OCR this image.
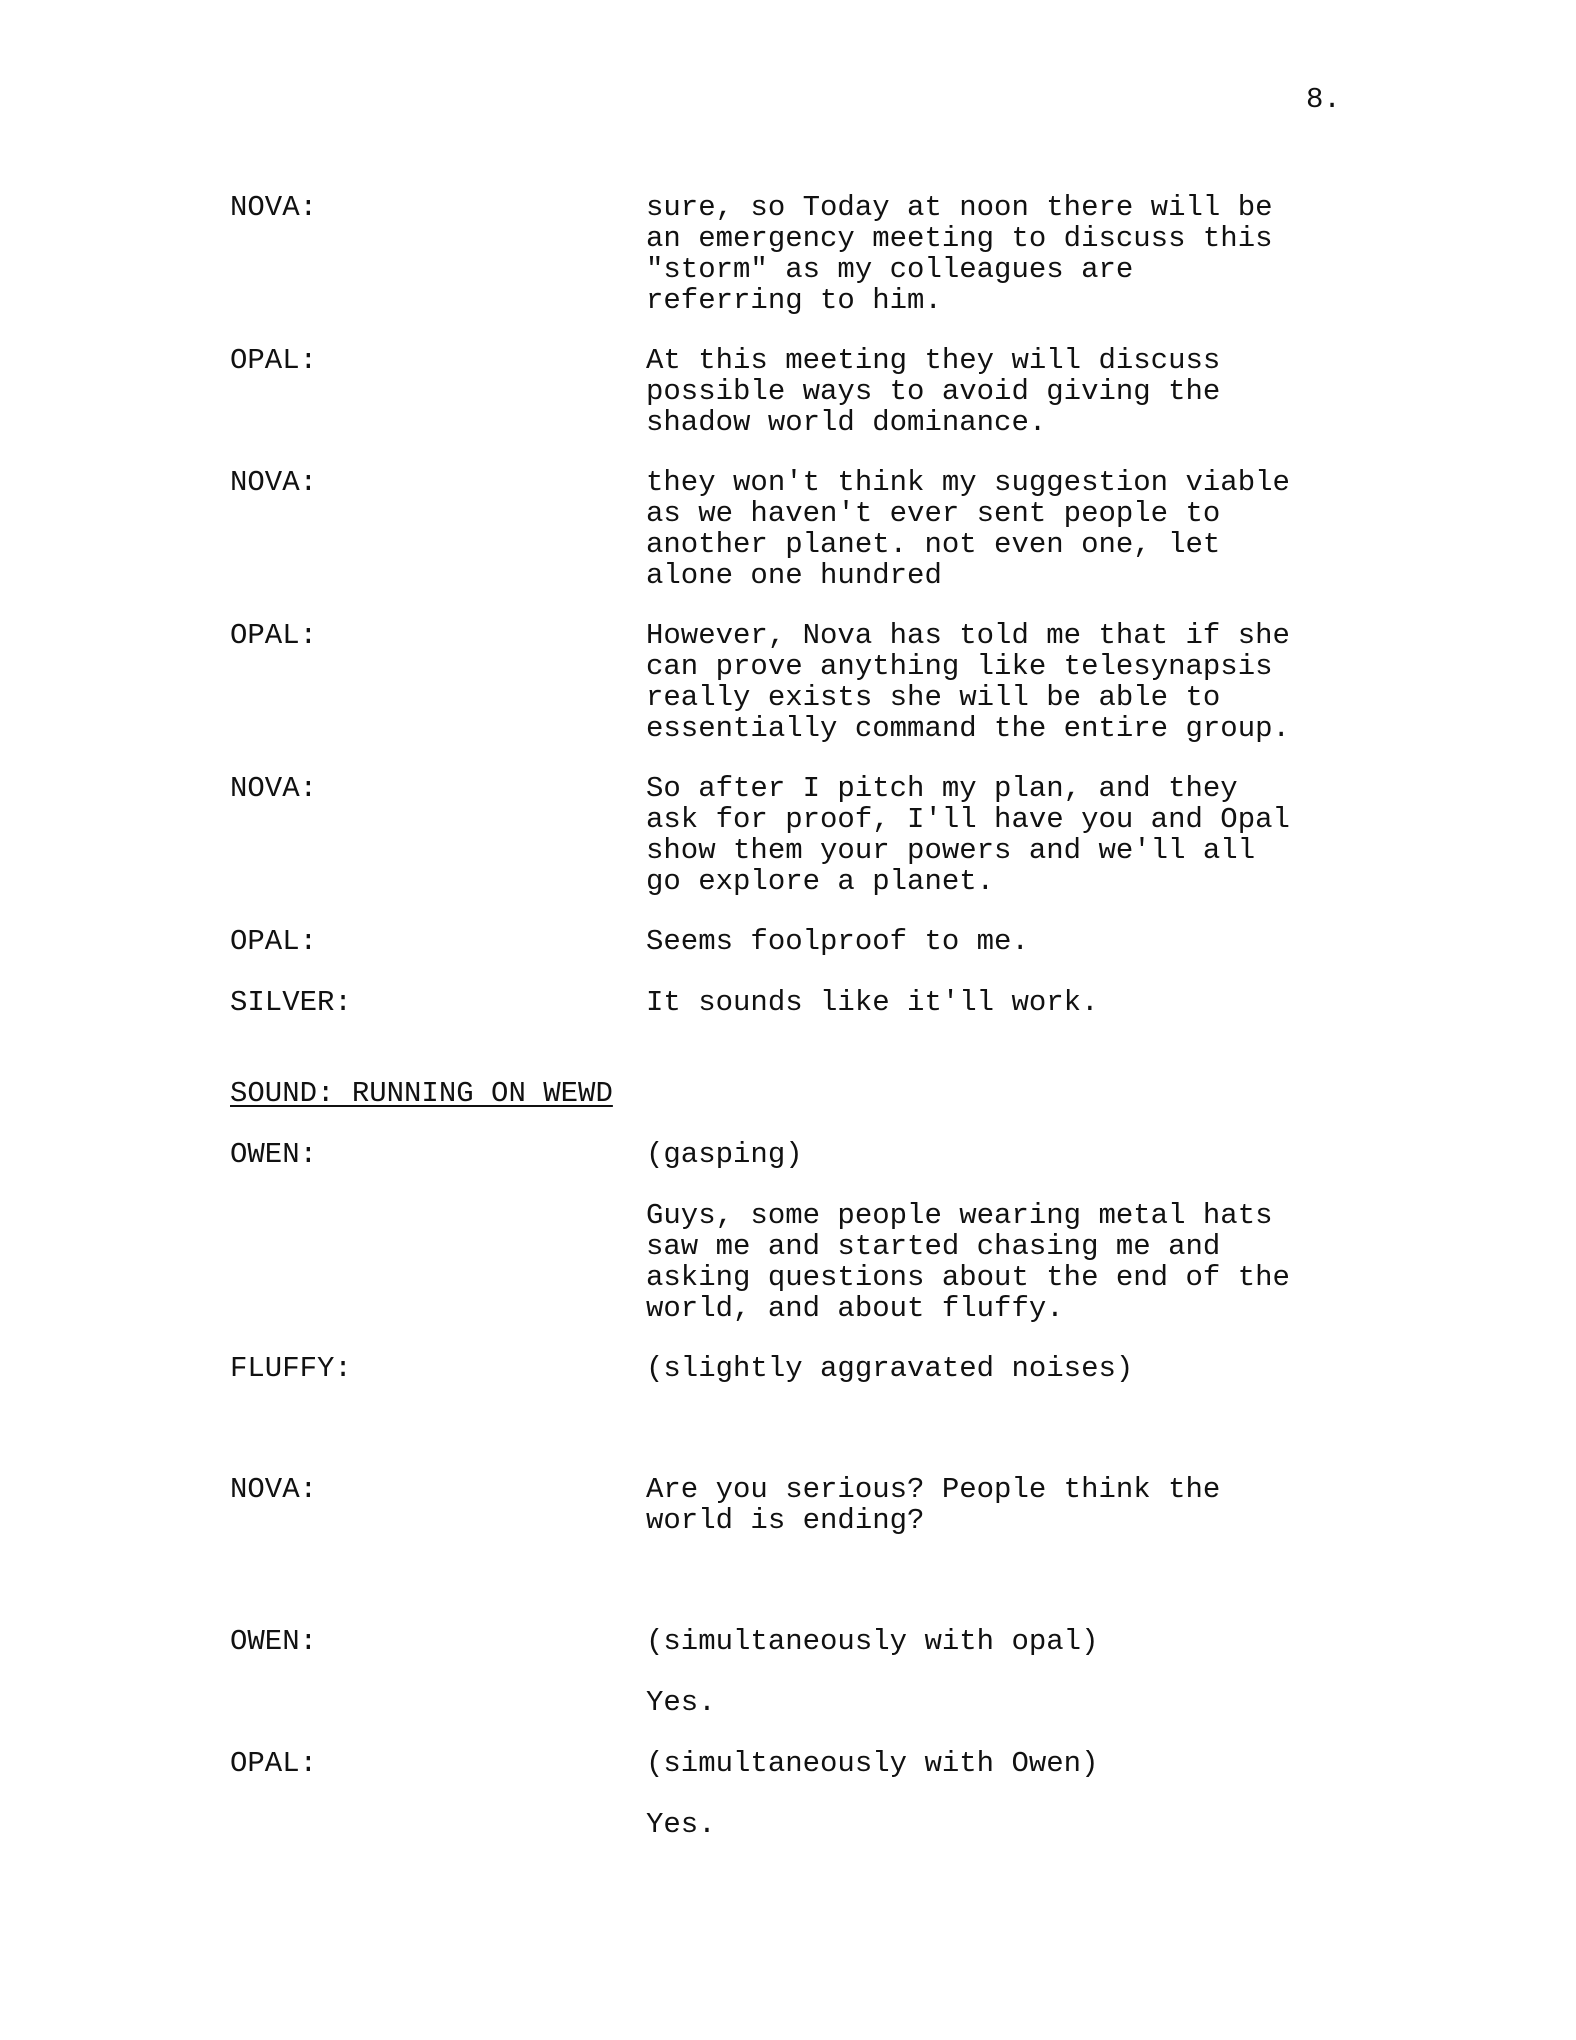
8.
SOUND: RUNNING ON WEWD
NOVA:	sure, so Today at noon there will be
an emergency meeting to discuss this
"storm" as my colleagues are
referring to him.
OPAL:	At this meeting they will discuss
possible ways to avoid giving the
shadow world dominance.
NOVA:	they won't think my suggestion viable
as we haven't ever sent people to
another planet. not even one, let
alone one hundred
OPAL:	However, Nova has told me that if she
can prove anything like telesynapsis
really exists she will be able to
essentially command the entire group.
NOVA:	So after I pitch my plan, and they
ask for proof, I'll have you and Opal
show them your powers and we'll all
go explore a planet.
OPAL:	Seems foolproof to me.
SILVER:	It sounds like it'll work.
OWEN:	(gasping)
Guys, some people wearing metal hats
saw me and started chasing me and
asking questions about the end of the
world, and about fluffy.
FLUFFY:	(slightly aggravated noises)
NOVA:	Are you serious? People think the
world is ending?
OWEN:	(simultaneously with opal)
Yes.
OPAL:	(simultaneously with Owen)
Yes.
